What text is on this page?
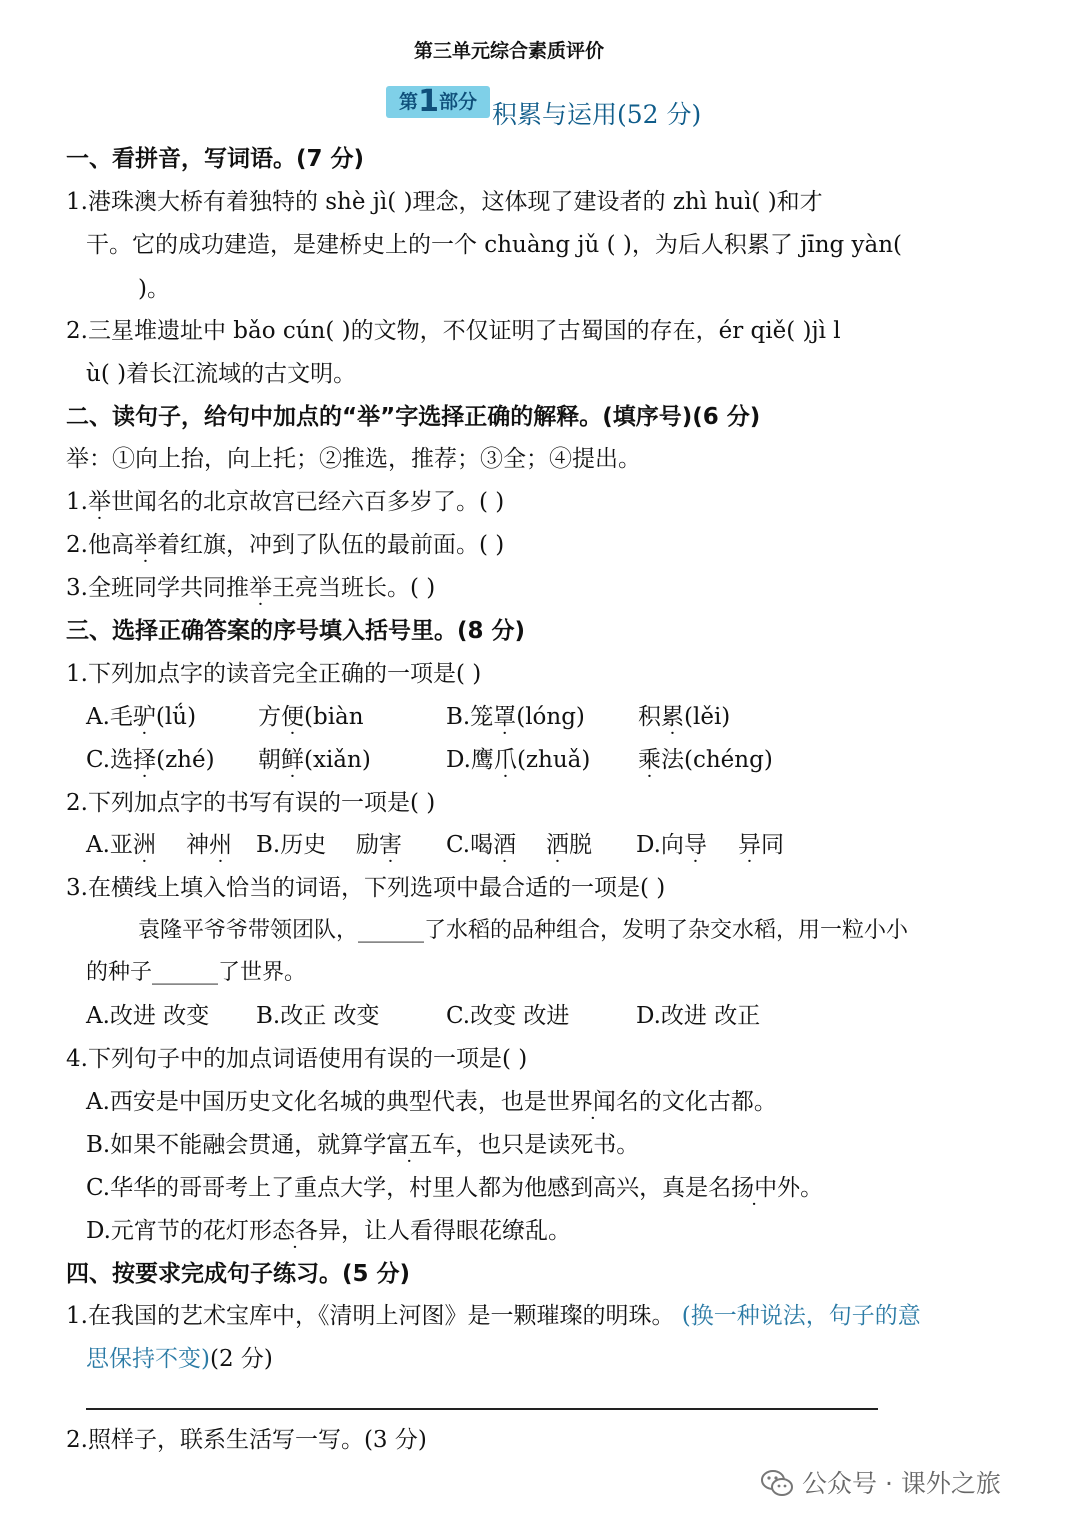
第三单元综合素质评价
第1部分 积累与运用(52 分)
一、看拼音，写词语。(7 分)
1.港珠澳大桥有着独特的 shè jì( )理念，这体现了建设者的 zhì huì( )和才
干。它的成功建造，是建桥史上的一个 chuàng jǔ ( )，为后人积累了 jīng yàn(
)。
2.三星堆遗址中 bǎo cún( )的文物，不仅证明了古蜀国的存在，ér qiě( )jì l
ù( )着长江流域的古文明。
二、读句子，给句中加点的“举”字选择正确的解释。(填序号)(6 分)
举：①向上抬，向上托；②推选，推荐；③全；④提出。
1.举世闻名的北京故宫已经六百多岁了。( )
2.他高举着红旗，冲到了队伍的最前面。( )
3.全班同学共同推举王亮当班长。( )
三、选择正确答案的序号填入括号里。(8 分)
1.下列加点字的读音完全正确的一项是( )
A.毛驴(lǘ)	方便(biàn	B.笼罩(lóng) 积累(lěi)
C.选择(zhé) 朝鲜(xiǎn)	D.鹰爪(zhuǎ) 乘法(chéng)
2.下列加点字的书写有误的一项是( )
A.亚洲 神州 B.历史 励害 C.喝酒 洒脱 D.向导 异同
3.在横线上填入恰当的词语，下列选项中最合适的一项是( )
袁隆平爷爷带领团队，______了水稻的品种组合，发明了杂交水稻，用一粒小小
的种子______了世界。
A.改进 改变 B.改正 改变	C.改变 改进	D.改进 改正
4.下列句子中的加点词语使用有误的一项是( )
A.西安是中国历史文化名城的典型代表，也是世界闻名的文化古都。
B.如果不能融会贯通，就算学富五车，也只是读死书。
C.华华的哥哥考上了重点大学，村里人都为他感到高兴，真是名扬中外。
D.元宵节的花灯形态各异，让人看得眼花缭乱。
四、按要求完成句子练习。(5 分)
1.在我国的艺术宝库中，《清明上河图》是一颗璀璨的明珠。 (换一种说法，句子的意
思保持不变)(2 分)
2.照样子，联系生活写一写。(3 分)
公众号 · 课外之旅
